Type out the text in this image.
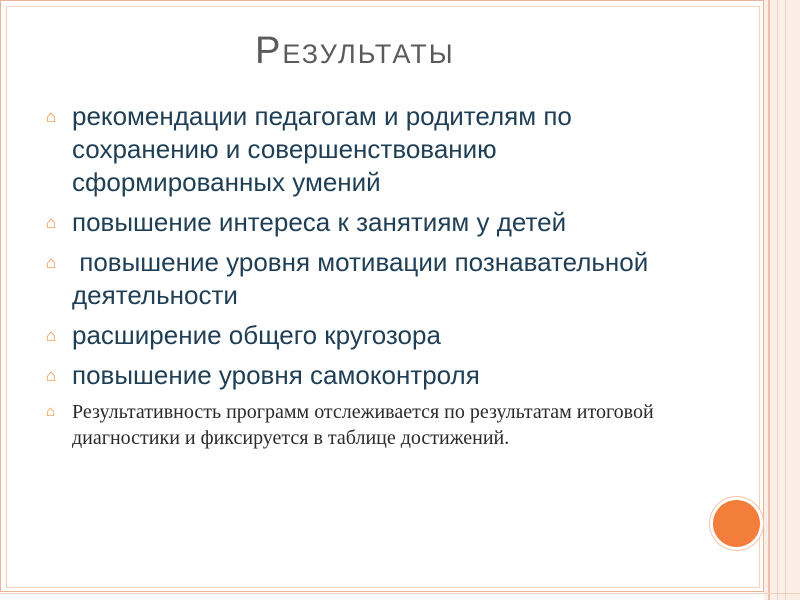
Результаты
⌂ рекомендации педагогам и родителям по сохранению и совершенствованию сформированных умений
⌂ повышение интереса к занятиям у детей
⌂ повышение уровня мотивации познавательной деятельности
⌂ расширение общего кругозора
⌂ повышение уровня самоконтроля
⌂ Результативность программ отслеживается по результатам итоговой диагностики и фиксируется в таблице достижений.
